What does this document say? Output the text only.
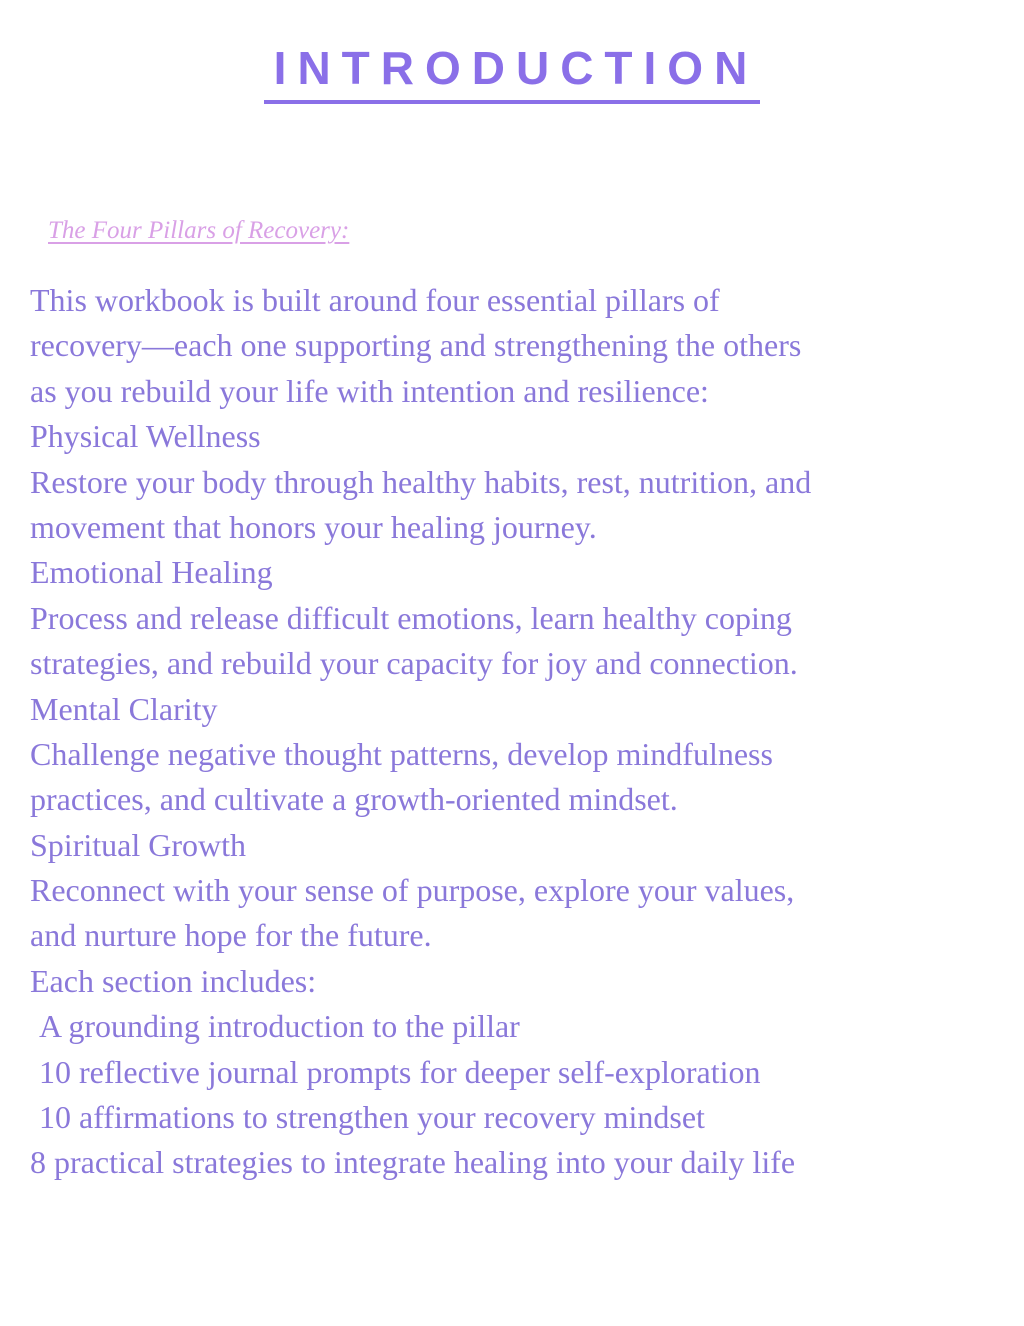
INTRODUCTION

The Four Pillars of Recovery:

This workbook is built around four essential pillars of
recovery—each one supporting and strengthening the others
as you rebuild your life with intention and resilience:
Physical Wellness
Restore your body through healthy habits, rest, nutrition, and
movement that honors your healing journey.
Emotional Healing
Process and release difficult emotions, learn healthy coping
strategies, and rebuild your capacity for joy and connection.
Mental Clarity
Challenge negative thought patterns, develop mindfulness
practices, and cultivate a growth-oriented mindset.
Spiritual Growth
Reconnect with your sense of purpose, explore your values,
and nurture hope for the future.
Each section includes:
A grounding introduction to the pillar
10 reflective journal prompts for deeper self-exploration
10 affirmations to strengthen your recovery mindset
8 practical strategies to integrate healing into your daily life
